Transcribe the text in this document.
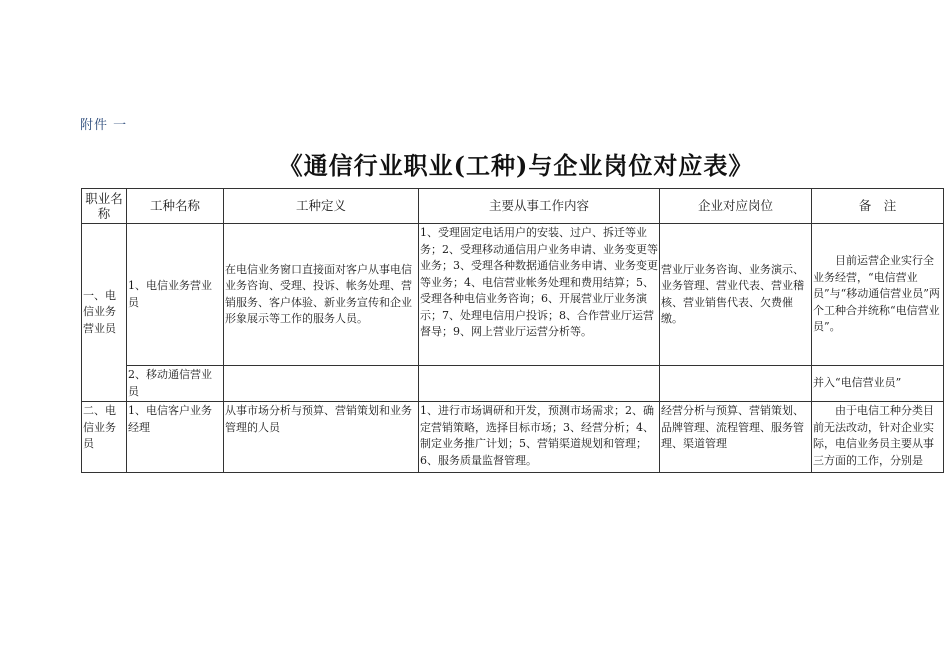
附件 一
《通信行业职业(工种)与企业岗位对应表》
职业名称	工种名称	工种定义	主要从事工作内容	企业对应岗位	备　注
一、电信业务营业员	1、电信业务营业员	在电信业务窗口直接面对客户从事电信业务咨询、受理、投诉、帐务处理、营销服务、客户体验、新业务宣传和企业形象展示等工作的服务人员。	1、受理固定电话用户的安装、过户、拆迁等业务；2、受理移动通信用户业务申请、业务变更等业务；3、受理各种数据通信业务申请、业务变更等业务；4、电信营业帐务处理和费用结算；5、受理各种电信业务咨询；6、开展营业厅业务演示；7、处理电信用户投诉；8、合作营业厅运营督导；9、网上营业厅运营分析等。	营业厅业务咨询、业务演示、业务管理、营业代表、营业稽核、营业销售代表、欠费催缴。	目前运营企业实行全业务经营，“电信营业员”与“移动通信营业员”两个工种合并统称“电信营业员”。
	2、移动通信营业员				并入“电信营业员”
二、电信业务员	1、电信客户业务经理	从事市场分析与预算、营销策划和业务管理的人员	1、进行市场调研和开发，预测市场需求；2、确定营销策略，选择目标市场；3、经营分析；4、制定业务推广计划；5、营销渠道规划和管理；6、服务质量监督管理。	经营分析与预算、营销策划、品牌管理、流程管理、服务管理、渠道管理	由于电信工种分类目前无法改动，针对企业实际，电信业务员主要从事三方面的工作，分别是
